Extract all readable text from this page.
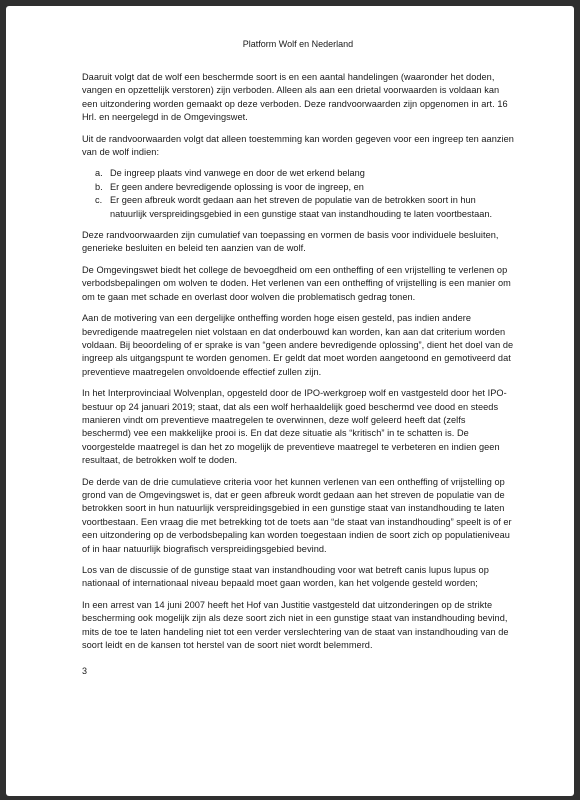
Platform Wolf en Nederland

Daaruit volgt dat de wolf een beschermde soort is en een aantal handelingen (waaronder het doden, vangen en opzettelijk verstoren) zijn verboden. Alleen als aan een drietal voorwaarden is voldaan kan een uitzondering worden gemaakt op deze verboden. Deze randvoorwaarden zijn opgenomen in art. 16 Hrl. en neergelegd in de Omgevingswet.

Uit de randvoorwaarden volgt dat alleen toestemming kan worden gegeven voor een ingreep ten aanzien van de wolf indien:

a. De ingreep plaats vind vanwege en door de wet erkend belang
b. Er geen andere bevredigende oplossing is voor de ingreep, en
c. Er geen afbreuk wordt gedaan aan het streven de populatie van de betrokken soort in hun natuurlijk verspreidingsgebied in een gunstige staat van instandhouding te laten voortbestaan.

Deze randvoorwaarden zijn cumulatief van toepassing en vormen de basis voor individuele besluiten, generieke besluiten en beleid ten aanzien van de wolf.

De Omgevingswet biedt het college de bevoegdheid om een ontheffing of een vrijstelling te verlenen op verbodsbepalingen om wolven te doden. Het verlenen van een ontheffing of vrijstelling is een manier om om te gaan met schade en overlast door wolven die problematisch gedrag tonen.

Aan de motivering van een dergelijke ontheffing worden hoge eisen gesteld, pas indien andere bevredigende maatregelen niet volstaan en dat onderbouwd kan worden, kan aan dat criterium worden voldaan. Bij beoordeling of er sprake is van “geen andere bevredigende oplossing”, dient het doel van de ingreep als uitgangspunt te worden genomen. Er geldt dat moet worden aangetoond en gemotiveerd dat preventieve maatregelen onvoldoende effectief zullen zijn.

In het Interprovinciaal Wolvenplan, opgesteld door de IPO-werkgroep wolf en vastgesteld door het IPO-bestuur op 24 januari 2019; staat, dat als een wolf herhaaldelijk goed beschermd vee dood en steeds manieren vindt om preventieve maatregelen te overwinnen, deze wolf geleerd heeft dat (zelfs beschermd) vee een makkelijke prooi is. En dat deze situatie als “kritisch” in te schatten is. De voorgestelde maatregel is dan het zo mogelijk de preventieve maatregel te verbeteren en indien geen resultaat, de betrokken wolf te doden.

De derde van de drie cumulatieve criteria voor het kunnen verlenen van een ontheffing of vrijstelling op grond van de Omgevingswet is, dat er geen afbreuk wordt gedaan aan het streven de populatie van de betrokken soort in hun natuurlijk verspreidingsgebied in een gunstige staat van instandhouding te laten voortbestaan. Een vraag die met betrekking tot de toets aan “de staat van instandhouding” speelt is of er een uitzondering op de verbodsbepaling kan worden toegestaan indien de soort zich op populatieniveau of in haar natuurlijk biografisch verspreidingsgebied bevind.

Los van de discussie of de gunstige staat van instandhouding voor wat betreft canis lupus lupus op nationaal of internationaal niveau bepaald moet gaan worden, kan het volgende gesteld worden;

In een arrest van 14 juni 2007 heeft het Hof van Justitie vastgesteld dat uitzonderingen op de strikte bescherming ook mogelijk zijn als deze soort zich niet in een gunstige staat van instandhouding bevind, mits de toe te laten handeling niet tot een verder verslechtering van de staat van instandhouding van de soort leidt en de kansen tot herstel van de soort niet wordt belemmerd.

3
